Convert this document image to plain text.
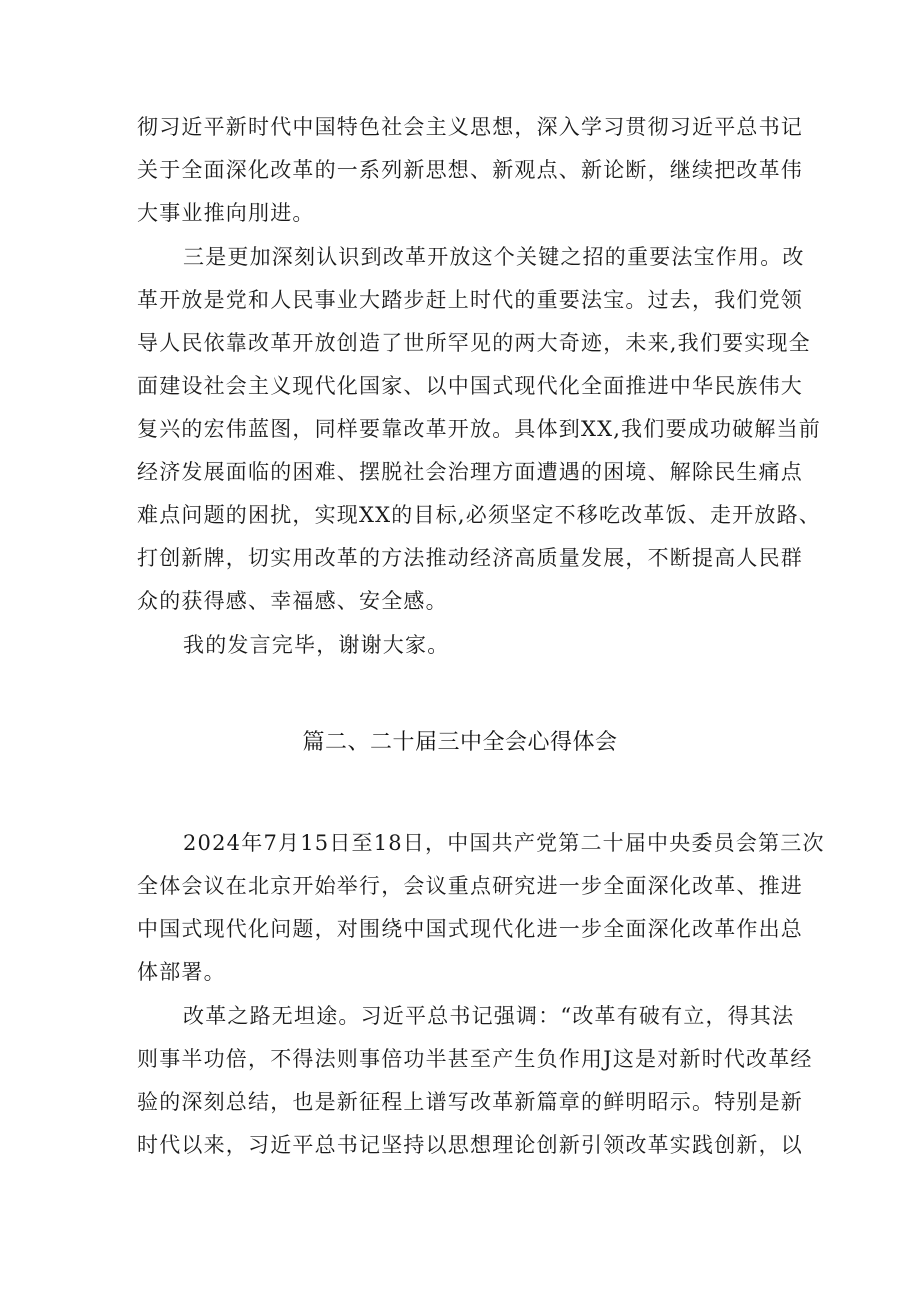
彻习近平新时代中国特色社会主义思想，深入学习贯彻习近平总书记
关于全面深化改革的一系列新思想、新观点、新论断，继续把改革伟
大事业推向刖进。
三是更加深刻认识到改革开放这个关键之招的重要法宝作用。改
革开放是党和人民事业大踏步赶上时代的重要法宝。过去，我们党领
导人民依靠改革开放创造了世所罕见的两大奇迹，未来,我们要实现全
面建设社会主义现代化国家、以中国式现代化全面推进中华民族伟大
复兴的宏伟蓝图，同样要靠改革开放。具体到XX,我们要成功破解当前
经济发展面临的困难、摆脱社会治理方面遭遇的困境、解除民生痛点
难点问题的困扰，实现XX的目标,必须坚定不移吃改革饭、走开放路、
打创新牌，切实用改革的方法推动经济高质量发展，不断提高人民群
众的获得感、幸福感、安全感。
我的发言完毕，谢谢大家。
篇二、二十届三中全会心得体会
2024年7月15日至18日，中国共产党第二十届中央委员会第三次
全体会议在北京开始举行，会议重点研究进一步全面深化改革、推进
中国式现代化问题，对围绕中国式现代化进一步全面深化改革作出总
体部署。
改革之路无坦途。习近平总书记强调：“改革有破有立，得其法
则事半功倍，不得法则事倍功半甚至产生负作用J这是对新时代改革经
验的深刻总结，也是新征程上谱写改革新篇章的鲜明昭示。特别是新
时代以来，习近平总书记坚持以思想理论创新引领改革实践创新，以
